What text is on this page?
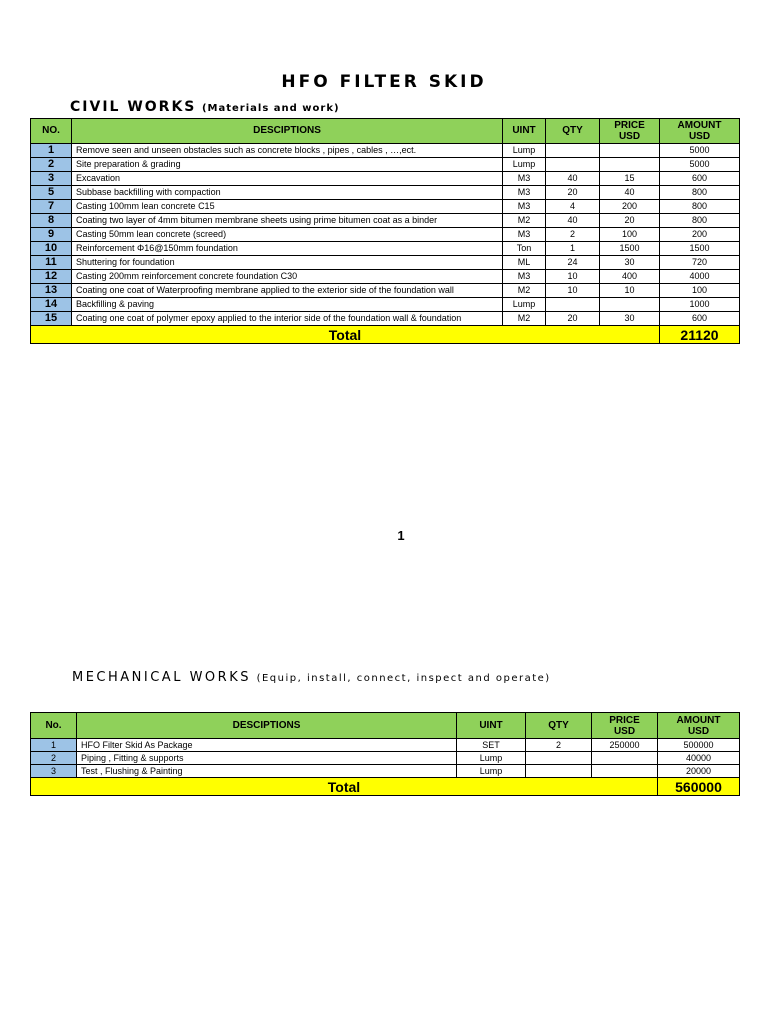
HFO FILTER SKID
CIVIL WORKS (Materials and work)
NO.	DESCIPTIONS	UINT	QTY	PRICE USD	AMOUNT USD
1	Remove seen and unseen obstacles such as concrete blocks , pipes , cables , …,ect.	Lump			5000
2	Site preparation & grading	Lump			5000
3	Excavation	M3	40	15	600
5	Subbase backfilling with compaction	M3	20	40	800
7	Casting 100mm lean concrete C15	M3	4	200	800
8	Coating two layer of 4mm bitumen membrane sheets using prime bitumen coat as a binder	M2	40	20	800
9	Casting 50mm lean concrete (screed)	M3	2	100	200
10	Reinforcement Φ16@150mm foundation	Ton	1	1500	1500
11	Shuttering for foundation	ML	24	30	720
12	Casting 200mm reinforcement concrete foundation C30	M3	10	400	4000
13	Coating one coat of Waterproofing membrane applied to the exterior side of the foundation wall	M2	10	10	100
14	Backfilling & paving	Lump			1000
15	Coating one coat of polymer epoxy applied to the interior side of the foundation wall & foundation	M2	20	30	600
Total					21120
1
MECHANICAL WORKS (Equip, install, connect, inspect and operate)
No.	DESCIPTIONS	UINT	QTY	PRICE USD	AMOUNT USD
1	HFO Filter Skid As Package	SET	2	250000	500000
2	Piping , Fitting & supports	Lump			40000
3	Test , Flushing & Painting	Lump			20000
Total					560000
